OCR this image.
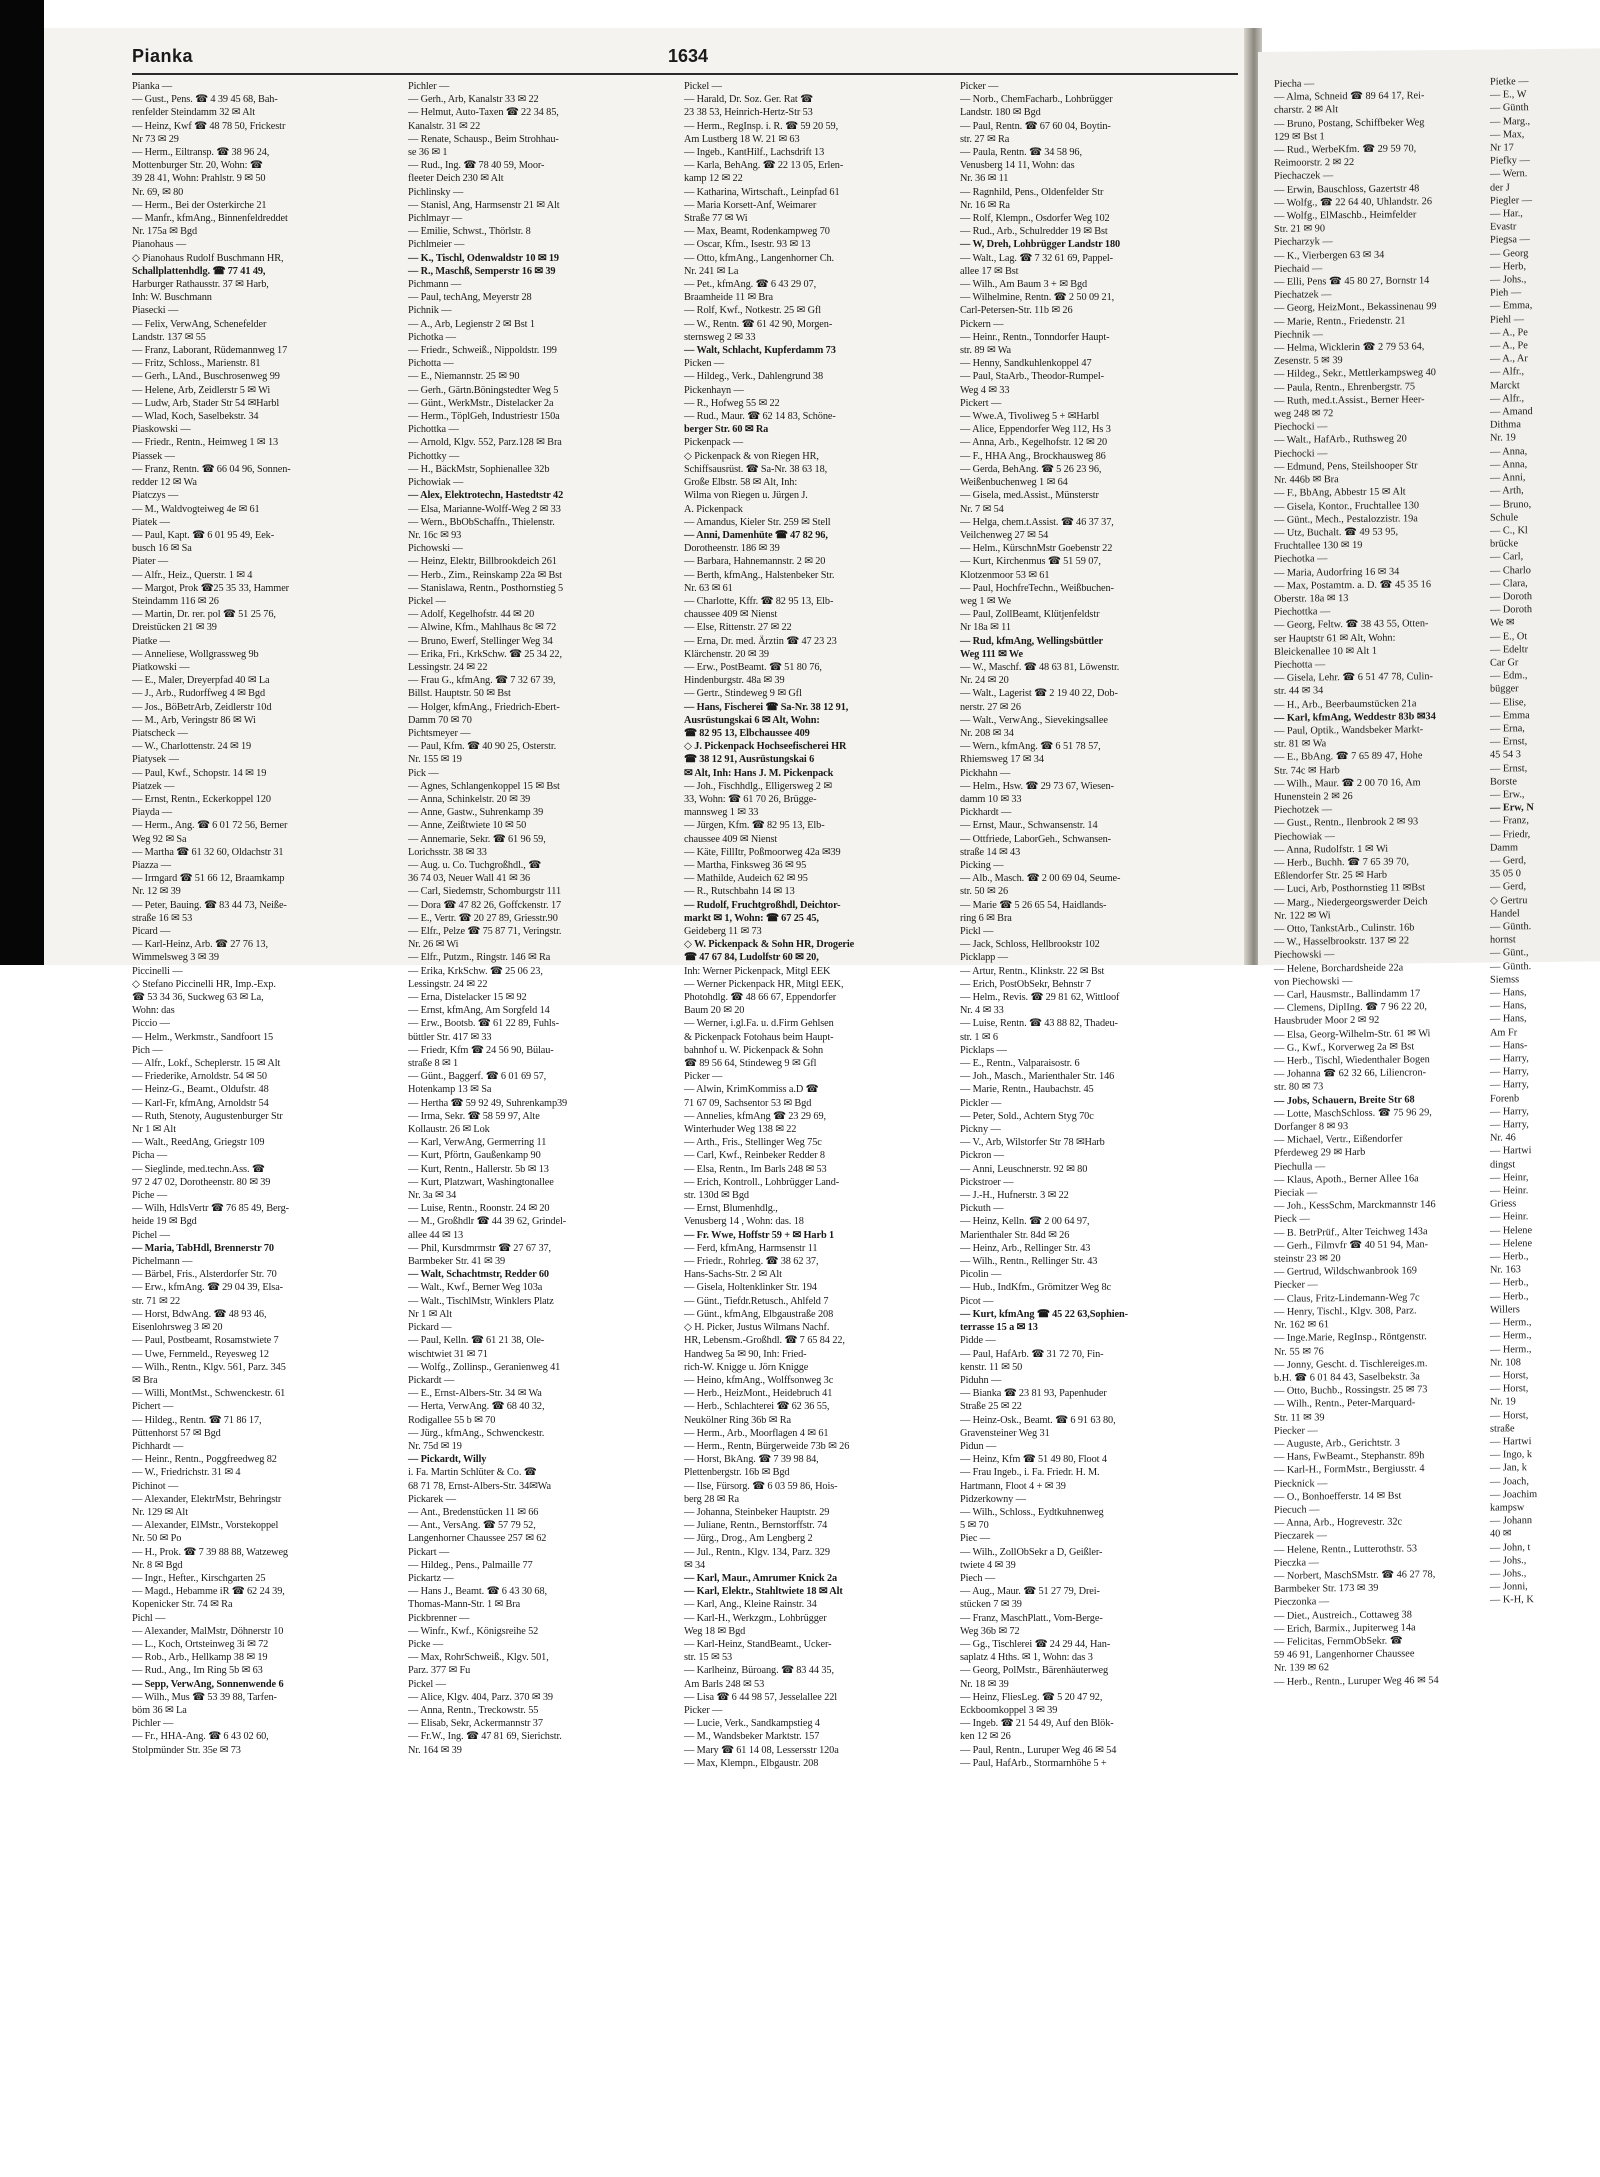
Pianka	1634
Pianka —
— Gust., Pens. ☎ 4 39 45 68, Bah-
renfelder Steindamm 32 ✉ Alt
— Heinz, Kwf ☎ 48 78 50, Frickestr
Nr 73 ✉ 29
— Herm., Eiltransp. ☎ 38 96 24,
Mottenburger Str. 20, Wohn: ☎
39 28 41, Wohn: Prahlstr. 9 ✉ 50
Nr. 69, ✉ 80
— Herm., Bei der Osterkirche 21
— Manfr., kfmAng., Binnenfeldreddet
Nr. 175a ✉ Bgd
Pianohaus —
◇ Pianohaus Rudolf Buschmann HR,
Schallplattenhdlg. ☎ 77 41 49,
Harburger Rathausstr. 37 ✉ Harb,
Inh: W. Buschmann
Piasecki —
— Felix, VerwAng, Schenefelder
Landstr. 137 ✉ 55
— Franz, Laborant, Rüdemannweg 17
— Fritz, Schloss., Marienstr. 81
— Gerh., LAnd., Buschrosenweg 99
— Helene, Arb, Zeidlerstr 5 ✉ Wi
— Ludw, Arb, Stader Str 54 ✉Harbl
— Wlad, Koch, Saselbekstr. 34
Piaskowski —
— Friedr., Rentn., Heimweg 1 ✉ 13
Piassek —
— Franz, Rentn. ☎ 66 04 96, Sonnen-
redder 12 ✉ Wa
Piatczys —
— M., Waldvogteiweg 4e ✉ 61
Piatek —
— Paul, Kapt. ☎ 6 01 95 49, Eek-
busch 16 ✉ Sa
Piater —
— Alfr., Heiz., Querstr. 1 ✉ 4
— Margot, Prok ☎25 35 33, Hammer
Steindamm 116 ✉ 26
— Martin, Dr. rer. pol ☎ 51 25 76,
Dreistücken 21 ✉ 39
Piatke —
— Anneliese, Wollgrassweg 9b
Piatkowski —
— E., Maler, Dreyerpfad 40 ✉ La
— J., Arb., Rudorffweg 4 ✉ Bgd
— Jos., BöBetrArb, Zeidlerstr 10d
— M., Arb, Veringstr 86 ✉ Wi
Piatscheck —
— W., Charlottenstr. 24 ✉ 19
Piatysek —
— Paul, Kwf., Schopstr. 14 ✉ 19
Piatzek —
— Ernst, Rentn., Eckerkoppel 120
Piayda —
— Herm., Ang. ☎ 6 01 72 56, Berner
Weg 92 ✉ Sa
— Martha ☎ 61 32 60, Oldachstr 31
Piazza —
— Irmgard ☎ 51 66 12, Braamkamp
Nr. 12 ✉ 39
— Peter, Bauing. ☎ 83 44 73, Neiße-
straße 16 ✉ 53
Picard —
— Karl-Heinz, Arb. ☎ 27 76 13,
Wimmelsweg 3 ✉ 39
Piccinelli —
◇ Stefano Piccinelli HR, Imp.-Exp.
☎ 53 34 36, Suckweg 63 ✉ La,
Wohn: das
Piccio —
— Helm., Werkmstr., Sandfoort 15
Pich —
— Alfr., Lokf., Scheplerstr. 15 ✉ Alt
— Friederike, Arnoldstr. 54 ✉ 50
— Heinz-G., Beamt., Oldufstr. 48
— Karl-Fr, kfmAng, Arnoldstr 54
— Ruth, Stenoty, Augustenburger Str
Nr 1 ✉ Alt
— Walt., ReedAng, Griegstr 109
Picha —
— Sieglinde, med.techn.Ass. ☎
97 2 47 02, Dorotheenstr. 80 ✉ 39
Piche —
— Wilh, HdlsVertr ☎ 76 85 49, Berg-
heide 19 ✉ Bgd
Pichel —
— Maria, TabHdl, Brennerstr 70
Pichelmann —
— Bärbel, Fris., Alsterdorfer Str. 70
— Erw., kfmAng. ☎ 29 04 39, Elsa-
str. 71 ✉ 22
— Horst, BdwAng. ☎ 48 93 46,
Eisenlohrsweg 3 ✉ 20
— Paul, Postbeamt, Rosamstwiete 7
— Uwe, Fernmeld., Reyesweg 12
— Wilh., Rentn., Klgv. 561, Parz. 345
✉ Bra
— Willi, MontMst., Schwenckestr. 61
Pichert —
— Hildeg., Rentn. ☎ 71 86 17,
Püttenhorst 57 ✉ Bgd
Pichhardt —
— Heinr., Rentn., Poggfreedweg 82
— W., Friedrichstr. 31 ✉ 4
Pichinot —
— Alexander, ElektrMstr, Behringstr
Nr. 129 ✉ Alt
— Alexander, ElMstr., Vorstekoppel
Nr. 50 ✉ Po
— H., Prok. ☎ 7 39 88 88, Watzeweg
Nr. 8 ✉ Bgd
— Ingr., Hefter., Kirschgarten 25
— Magd., Hebamme iR ☎ 62 24 39,
Kopenicker Str. 74 ✉ Ra
Pichl —
— Alexander, MalMstr, Döhnerstr 10
— L., Koch, Ortsteinweg 3i ✉ 72
— Rob., Arb., Hellkamp 38 ✉ 19
— Rud., Ang., Im Ring 5b ✉ 63
— Sepp, VerwAng, Sonnenwende 6
— Wilh., Mus ☎ 53 39 88, Tarfen-
böm 36 ✉ La
Pichler —
— Fr., HHA-Ang. ☎ 6 43 02 60,
Stolpmünder Str. 35e ✉ 73
Pichler —
— Gerh., Arb, Kanalstr 33 ✉ 22
— Helmut, Auto-Taxen ☎ 22 34 85,
Kanalstr. 31 ✉ 22
— Renate, Schausp., Beim Strohhau-
se 36 ✉ 1
— Rud., Ing. ☎ 78 40 59, Moor-
fleeter Deich 230 ✉ Alt
Pichlinsky —
— Stanisl, Ang, Harmsenstr 21 ✉ Alt
Pichlmayr —
— Emilie, Schwst., Thörlstr. 8
Pichlmeier —
— K., Tischl, Odenwaldstr 10 ✉ 19
— R., Maschß, Semperstr 16 ✉ 39
Pichmann —
— Paul, techAng, Meyerstr 28
Pichnik —
— A., Arb, Legienstr 2 ✉ Bst 1
Pichotka —
— Friedr., Schweiß., Nippoldstr. 199
Pichotta —
— E., Niemannstr. 25 ✉ 90
— Gerh., Gärtn.Böningstedter Weg 5
— Günt., WerkMstr., Distelacker 2a
— Herm., TöplGeh, Industriestr 150a
Pichottka —
— Arnold, Klgv. 552, Parz.128 ✉ Bra
Pichottky —
— H., BäckMstr, Sophienallee 32b
Pichowiak —
— Alex, Elektrotechn, Hastedtstr 42
— Elsa, Marianne-Wolff-Weg 2 ✉ 33
— Wern., BbObSchaffn., Thielenstr.
Nr. 16c ✉ 93
Pichowski —
— Heinz, Elektr, Billbrookdeich 261
— Herb., Zim., Reinskamp 22a ✉ Bst
— Stanislawa, Rentn., Posthornstieg 5
Pickel —
— Adolf, Kegelhofstr. 44 ✉ 20
— Alwine, Kfm., Mahlhaus 8c ✉ 72
— Bruno, Ewerf, Stellinger Weg 34
— Erika, Fri., KrkSchw. ☎ 25 34 22,
Lessingstr. 24 ✉ 22
— Frau G., kfmAng. ☎ 7 32 67 39,
Billst. Hauptstr. 50 ✉ Bst
— Holger, kfmAng., Friedrich-Ebert-
Damm 70 ✉ 70
Pichtsmeyer —
— Paul, Kfm. ☎ 40 90 25, Osterstr.
Nr. 155 ✉ 19
Pick —
— Agnes, Schlangenkoppel 15 ✉ Bst
— Anna, Schinkelstr. 20 ✉ 39
— Anne, Gastw., Suhrenkamp 39
— Anne, Zeißtwiete 10 ✉ 50
— Annemarie, Sekr. ☎ 61 96 59,
Lorichsstr. 38 ✉ 33
— Aug. u. Co. Tuchgroßhdl., ☎
36 74 03, Neuer Wall 41 ✉ 36
— Carl, Siedemstr, Schomburgstr 111
— Dora ☎ 47 82 26, Goffckenstr. 17
— E., Vertr. ☎ 20 27 89, Griesstr.90
— Elfr., Pelze ☎ 75 87 71, Veringstr.
Nr. 26 ✉ Wi
— Elfr., Putzm., Ringstr. 146 ✉ Ra
— Erika, KrkSchw. ☎ 25 06 23,
Lessingstr. 24 ✉ 22
— Erna, Distelacker 15 ✉ 92
— Ernst, kfmAng, Am Sorgfeld 14
— Erw., Bootsb. ☎ 61 22 89, Fuhls-
büttler Str. 417 ✉ 33
— Friedr, Kfm ☎ 24 56 90, Bülau-
straße 8 ✉ 1
— Günt., Baggerf. ☎ 6 01 69 57,
Hotenkamp 13 ✉ Sa
— Hertha ☎ 59 92 49, Suhrenkamp39
— Irma, Sekr. ☎ 58 59 97, Alte
Kollaustr. 26 ✉ Lok
— Karl, VerwAng, Germerring 11
— Kurt, Pförtn, Gaußenkamp 90
— Kurt, Rentn., Hallerstr. 5b ✉ 13
— Kurt, Platzwart, Washingtonallee
Nr. 3a ✉ 34
— Luise, Rentn., Roonstr. 24 ✉ 20
— M., Großhdlr ☎ 44 39 62, Grindel-
allee 44 ✉ 13
— Phil, Kursdmrmstr ☎ 27 67 37,
Barmbeker Str. 41 ✉ 39
— Walt, Schachtmstr, Redder 60
— Walt., Kwf., Berner Weg 103a
— Walt., TischlMstr, Winklers Platz
Nr 1 ✉ Alt
Pickard —
— Paul, Kelln. ☎ 61 21 38, Ole-
wischtwiet 31 ✉ 71
— Wolfg., Zollinsp., Geranienweg 41
Pickardt —
— E., Ernst-Albers-Str. 34 ✉ Wa
— Herta, VerwAng. ☎ 68 40 32,
Rodigallee 55 b ✉ 70
— Jürg., kfmAng., Schwenckestr.
Nr. 75d ✉ 19
— Pickardt, Willy
i. Fa. Martin Schlüter & Co. ☎
68 71 78, Ernst-Albers-Str. 34✉Wa
Pickarek —
— Ant., Bredenstücken 11 ✉ 66
— Ant., VersAng. ☎ 57 79 52,
Langenhorner Chaussee 257 ✉ 62
Pickart —
— Hildeg., Pens., Palmaille 77
Pickartz —
— Hans J., Beamt. ☎ 6 43 30 68,
Thomas-Mann-Str. 1 ✉ Bra
Pickbrenner —
— Winfr., Kwf., Königsreihe 52
Picke —
— Max, RohrSchweiß., Klgv. 501,
Parz. 377 ✉ Fu
Pickel —
— Alice, Klgv. 404, Parz. 370 ✉ 39
— Anna, Rentn., Treckowstr. 55
— Elisab, Sekr, Ackermannstr 37
— Fr.W., Ing. ☎ 47 81 69, Sierichstr.
Nr. 164 ✉ 39
Pickel —
— Harald, Dr. Soz. Ger. Rat ☎
23 38 53, Heinrich-Hertz-Str 53
— Herm., RegInsp. i. R. ☎ 59 20 59,
Am Lustberg 18 W. 21 ✉ 63
— Ingeb., KantHilf., Lachsdrift 13
— Karla, BehAng. ☎ 22 13 05, Erlen-
kamp 12 ✉ 22
— Katharina, Wirtschaft., Leinpfad 61
— Maria Korsett-Anf, Weimarer
Straße 77 ✉ Wi
— Max, Beamt, Rodenkampweg 70
— Oscar, Kfm., Isestr. 93 ✉ 13
— Otto, kfmAng., Langenhorner Ch.
Nr. 241 ✉ La
— Pet., kfmAng. ☎ 6 43 29 07,
Braamheide 11 ✉ Bra
— Rolf, Kwf., Notkestr. 25 ✉ Gfl
— W., Rentn. ☎ 61 42 90, Morgen-
sternsweg 2 ✉ 33
— Walt, Schlacht, Kupferdamm 73
Picken —
— Hildeg., Verk., Dahlengrund 38
Pickenhayn —
— R., Hofweg 55 ✉ 22
— Rud., Maur. ☎ 62 14 83, Schöne-
berger Str. 60 ✉ Ra
Pickenpack —
◇ Pickenpack & von Riegen HR,
Schiffsausrüst. ☎ Sa-Nr. 38 63 18,
Große Elbstr. 58 ✉ Alt, Inh:
Wilma von Riegen u. Jürgen J.
A. Pickenpack
— Amandus, Kieler Str. 259 ✉ Stell
— Anni, Damenhüte ☎ 47 82 96,
Dorotheenstr. 186 ✉ 39
— Barbara, Hahnemannstr. 2 ✉ 20
— Berth, kfmAng., Halstenbeker Str.
Nr. 63 ✉ 61
— Charlotte, Kffr. ☎ 82 95 13, Elb-
chaussee 409 ✉ Nienst
— Else, Rittenstr. 27 ✉ 22
— Erna, Dr. med. Ärztin ☎ 47 23 23
Klärchenstr. 20 ✉ 39
— Erw., PostBeamt. ☎ 51 80 76,
Hindenburgstr. 48a ✉ 39
— Gertr., Stindeweg 9 ✉ Gfl
— Hans, Fischerei ☎ Sa-Nr. 38 12 91,
Ausrüstungskai 6 ✉ Alt, Wohn:
☎ 82 95 13, Elbchaussee 409
◇ J. Pickenpack Hochseefischerei HR
☎ 38 12 91, Ausrüstungskai 6
✉ Alt, Inh: Hans J. M. Pickenpack
— Joh., Fischhdlg., Elligersweg 2 ✉
33, Wohn: ☎ 61 70 26, Brügge-
mannsweg 1 ✉ 33
— Jürgen, Kfm. ☎ 82 95 13, Elb-
chaussee 409 ✉ Nienst
— Käte, FillItr, Poßmoorweg 42a ✉39
— Martha, Finksweg 36 ✉ 95
— Mathilde, Audeich 62 ✉ 95
— R., Rutschbahn 14 ✉ 13
— Rudolf, Fruchtgroßhdl, Deichtor-
markt ✉ 1, Wohn: ☎ 67 25 45,
Geideberg 11 ✉ 73
◇ W. Pickenpack & Sohn HR, Drogerie
☎ 47 67 84, Ludolfstr 60 ✉ 20,
Inh: Werner Pickenpack, Mitgl EEK
— Werner Pickenpack HR, Mitgl EEK,
Photohdlg. ☎ 48 66 67, Eppendorfer
Baum 20 ✉ 20
— Werner, i.gl.Fa. u. d.Firm Gehlsen
& Pickenpack Fotohaus beim Haupt-
bahnhof u. W. Pickenpack & Sohn
☎ 89 56 64, Stindeweg 9 ✉ Gfl
Picker —
— Alwin, KrimKommiss a.D ☎
71 67 09, Sachsentor 53 ✉ Bgd
— Annelies, kfmAng ☎ 23 29 69,
Winterhuder Weg 138 ✉ 22
— Arth., Fris., Stellinger Weg 75c
— Carl, Kwf., Reinbeker Redder 8
— Elsa, Rentn., Im Barls 248 ✉ 53
— Erich, Kontroll., Lohbrügger Land-
str. 130d ✉ Bgd
— Ernst, Blumenhdlg.,
Venusberg 14 , Wohn: das. 18
— Fr. Wwe, Hoffstr 59 + ✉ Harb 1
— Ferd, kfmAng, Harmsenstr 11
— Friedr., Rohrleg. ☎ 38 62 37,
Hans-Sachs-Str. 2 ✉ Alt
— Gisela, Holtenklinker Str. 194
— Günt., Tiefdr.Retusch., Ahlfeld 7
— Günt., kfmAng, Elbgaustraße 208
◇ H. Picker, Justus Wilmans Nachf.
HR, Lebensm.-Großhdl. ☎ 7 65 84 22,
Handweg 5a ✉ 90, Inh: Fried-
rich-W. Knigge u. Jörn Knigge
— Heino, kfmAng., Wolffsonweg 3c
— Herb., HeizMont., Heidebruch 41
— Herb., Schlachterei ☎ 62 36 55,
Neukölner Ring 36b ✉ Ra
— Herm., Arb., Moorflagen 4 ✉ 61
— Herm., Rentn, Bürgerweide 73b ✉ 26
— Horst, BkAng. ☎ 7 39 98 84,
Plettenbergstr. 16b ✉ Bgd
— Ilse, Fürsorg. ☎ 6 03 59 86, Hois-
berg 28 ✉ Ra
— Johanna, Steinbeker Hauptstr. 29
— Juliane, Rentn., Bernstorffstr. 74
— Jürg., Drog., Am Lengberg 2
— Jul., Rentn., Klgv. 134, Parz. 329
✉ 34
— Karl, Maur., Amrumer Knick 2a
— Karl, Elektr., Stahltwiete 18 ✉ Alt
— Karl, Ang., Kleine Rainstr. 34
— Karl-H., Werkzgm., Lohbrügger
Weg 18 ✉ Bgd
— Karl-Heinz, StandBeamt., Ucker-
str. 15 ✉ 53
— Karlheinz, Büroang. ☎ 83 44 35,
Am Barls 248 ✉ 53
— Lisa ☎ 6 44 98 57, Jesselallee 22l
Picker —
— Lucie, Verk., Sandkampstieg 4
— M., Wandsbeker Marktstr. 157
— Mary ☎ 61 14 08, Lessersstr 120a
— Max, Klempn., Elbgaustr. 208
Picker —
— Norb., ChemFacharb., Lohbrügger
Landstr. 180 ✉ Bgd
— Paul, Rentn. ☎ 67 60 04, Boytin-
str. 27 ✉ Ra
— Paula, Rentn. ☎ 34 58 96,
Venusberg 14 11, Wohn: das
Nr. 36 ✉ 11
— Ragnhild, Pens., Oldenfelder Str
Nr. 16 ✉ Ra
— Rolf, Klempn., Osdorfer Weg 102
— Rud., Arb., Schulredder 19 ✉ Bst
— W, Dreh, Lohbrügger Landstr 180
— Walt., Lag. ☎ 7 32 61 69, Pappel-
allee 17 ✉ Bst
— Wilh., Am Baum 3 + ✉ Bgd
— Wilhelmine, Rentn. ☎ 2 50 09 21,
Carl-Petersen-Str. 11b ✉ 26
Pickern —
— Heinr., Rentn., Tonndorfer Haupt-
str. 89 ✉ Wa
— Henny, Sandkuhlenkoppel 47
— Paul, StaArb., Theodor-Rumpel-
Weg 4 ✉ 33
Pickert —
— Wwe.A, Tivoliweg 5 + ✉Harbl
— Alice, Eppendorfer Weg 112, Hs 3
— Anna, Arb., Kegelhofstr. 12 ✉ 20
— F., HHA Ang., Brockhausweg 86
— Gerda, BehAng. ☎ 5 26 23 96,
Weißenbuchenweg 1 ✉ 64
— Gisela, med.Assist., Münsterstr
Nr. 7 ✉ 54
— Helga, chem.t.Assist. ☎ 46 37 37,
Veilchenweg 27 ✉ 54
— Helm., KürschnMstr Goebenstr 22
— Kurt, Kirchenmus ☎ 51 59 07,
Klotzenmoor 53 ✉ 61
— Paul, HochfreTechn., Weißbuchen-
weg 1 ✉ We
— Paul, ZollBeamt, Klütjenfeldstr
Nr 18a ✉ 11
— Rud, kfmAng, Wellingsbüttler
Weg 111 ✉ We
— W., Maschf. ☎ 48 63 81, Löwenstr.
Nr. 24 ✉ 20
— Walt., Lagerist ☎ 2 19 40 22, Dob-
nerstr. 27 ✉ 26
— Walt., VerwAng., Sievekingsallee
Nr. 208 ✉ 34
— Wern., kfmAng. ☎ 6 51 78 57,
Rhiemsweg 17 ✉ 34
Pickhahn —
— Helm., Hsw. ☎ 29 73 67, Wiesen-
damm 10 ✉ 33
Pickhardt —
— Ernst, Maur., Schwansenstr. 14
— Ottfriede, LaborGeh., Schwansen-
straße 14 ✉ 43
Picking —
— Alb., Masch. ☎ 2 00 69 04, Seume-
str. 50 ✉ 26
— Marie ☎ 5 26 65 54, Haidlands-
ring 6 ✉ Bra
Pickl —
— Jack, Schloss, Hellbrookstr 102
Picklapp —
— Artur, Rentn., Klinkstr. 22 ✉ Bst
— Erich, PostObSekr, Behnstr 7
— Helm., Revis. ☎ 29 81 62, Wittloof
Nr. 4 ✉ 33
— Luise, Rentn. ☎ 43 88 82, Thadeu-
str. 1 ✉ 6
Picklaps —
— E., Rentn., Valparaisostr. 6
— Joh., Masch., Marienthaler Str. 146
— Marie, Rentn., Haubachstr. 45
Pickler —
— Peter, Sold., Achtern Styg 70c
Pickny —
— V., Arb, Wilstorfer Str 78 ✉Harb
Pickron —
— Anni, Leuschnerstr. 92 ✉ 80
Pickstroer —
— J.-H., Hufnerstr. 3 ✉ 22
Pickuth —
— Heinz, Kelln. ☎ 2 00 64 97,
Marienthaler Str. 84d ✉ 26
— Heinz, Arb., Rellinger Str. 43
— Wilh., Rentn., Rellinger Str. 43
Picolin —
— Hub., IndKfm., Grömitzer Weg 8c
Picot —
— Kurt, kfmAng ☎ 45 22 63,Sophien-
terrasse 15 a ✉ 13
Pidde —
— Paul, HafArb. ☎ 31 72 70, Fin-
kenstr. 11 ✉ 50
Piduhn —
— Bianka ☎ 23 81 93, Papenhuder
Straße 25 ✉ 22
— Heinz-Osk., Beamt. ☎ 6 91 63 80,
Gravensteiner Weg 31
Pidun —
— Heinz, Kfm ☎ 51 49 80, Floot 4
— Frau Ingeb., i. Fa. Friedr. H. M.
Hartmann, Floot 4 + ✉ 39
Pidzerkowny —
— Wilh., Schloss., Eydtkuhnenweg
5 ✉ 70
Piec —
— Wilh., ZollObSekr a D, Geißler-
twiete 4 ✉ 39
Piech —
— Aug., Maur. ☎ 51 27 79, Drei-
stücken 7 ✉ 39
— Franz, MaschPlatt., Vom-Berge-
Weg 36b ✉ 72
— Gg., Tischlerei ☎ 24 29 44, Han-
saplatz 4 Hths. ✉ 1, Wohn: das 3
— Georg, PolMstr., Bärenhäuterweg
Nr. 18 ✉ 39
— Heinz, FliesLeg. ☎ 5 20 47 92,
Eckboomkoppel 3 ✉ 39
— Ingeb. ☎ 21 54 49, Auf den Blök-
ken 12 ✉ 26
— Paul, Rentn., Luruper Weg 46 ✉ 54
— Paul, HafArb., Stormarnhöhe 5 +
Piecha —
— Alma, Schneid ☎ 89 64 17, Rei-
charstr. 2 ✉ Alt
— Bruno, Postang, Schiffbeker Weg
129 ✉ Bst 1
— Rud., WerbeKfm. ☎ 29 59 70,
Reimoorstr. 2 ✉ 22
Piechaczek —
— Erwin, Bauschloss, Gazertstr 48
— Wolfg., ☎ 22 64 40, Uhlandstr. 26
— Wolfg., ElMaschb., Heimfelder
Str. 21 ✉ 90
Piecharzyk —
— K., Vierbergen 63 ✉ 34
Piechaid —
— Elli, Pens ☎ 45 80 27, Bornstr 14
Piechatzek —
— Georg, HeizMont., Bekassinenau 99
— Marie, Rentn., Friedenstr. 21
Piechnik —
— Helma, Wicklerin ☎ 2 79 53 64,
Zesenstr. 5 ✉ 39
— Hildeg., Sekr., Mettlerkampsweg 40
— Paula, Rentn., Ehrenbergstr. 75
— Ruth, med.t.Assist., Berner Heer-
weg 248 ✉ 72
Piechocki —
— Walt., HafArb., Ruthsweg 20
Piechocki —
— Edmund, Pens, Steilshooper Str
Nr. 446b ✉ Bra
— F., BbAng, Abbestr 15 ✉ Alt
— Gisela, Kontor., Fruchtallee 130
— Günt., Mech., Pestalozzistr. 19a
— Utz, Buchalt. ☎ 49 53 95,
Fruchtallee 130 ✉ 19
Piechotka —
— Maria, Audorfring 16 ✉ 34
— Max, Postamtm. a. D. ☎ 45 35 16
Oberstr. 18a ✉ 13
Piechottka —
— Georg, Feltw. ☎ 38 43 55, Otten-
ser Hauptstr 61 ✉ Alt, Wohn:
Bleickenallee 10 ✉ Alt 1
Piechotta —
— Gisela, Lehr. ☎ 6 51 47 78, Culin-
str. 44 ✉ 34
— H., Arb., Beerbaumstücken 21a
— Karl, kfmAng, Weddestr 83b ✉34
— Paul, Optik., Wandsbeker Markt-
str. 81 ✉ Wa
— E., BbAng. ☎ 7 65 89 47, Hohe
Str. 74c ✉ Harb
— Wilh., Maur. ☎ 2 00 70 16, Am
Hunenstein 2 ✉ 26
Piechotzek —
— Gust., Rentn., Ilenbrook 2 ✉ 93
Piechowiak —
— Anna, Rudolfstr. 1 ✉ Wi
— Herb., Buchh. ☎ 7 65 39 70,
Eßlendorfer Str. 25 ✉ Harb
— Luci, Arb, Posthornstieg 11 ✉Bst
— Marg., Niedergeorgswerder Deich
Nr. 122 ✉ Wi
— Otto, TankstArb., Culinstr. 16b
— W., Hasselbrookstr. 137 ✉ 22
Piechowski —
— Helene, Borchardsheide 22a
von Piechowski —
— Carl, Hausmstr., Ballindamm 17
— Clemens, DiplIng. ☎ 7 96 22 20,
Hausbruder Moor 2 ✉ 92
— Elsa, Georg-Wilhelm-Str. 61 ✉ Wi
— G., Kwf., Korverweg 2a ✉ Bst
— Herb., Tischl, Wiedenthaler Bogen
— Johanna ☎ 62 32 66, Liliencron-
str. 80 ✉ 73
— Jobs, Schauern, Breite Str 68
— Lotte, MaschSchloss. ☎ 75 96 29,
Dorfanger 8 ✉ 93
— Michael, Vertr., Eißendorfer
Pferdeweg 29 ✉ Harb
Piechulla —
— Klaus, Apoth., Berner Allee 16a
Pieciak —
— Joh., KessSchm, Marckmannstr 146
Pieck —
— B. BetrPrüf., Alter Teichweg 143a
— Gerh., Filmvfr ☎ 40 51 94, Man-
steinstr 23 ✉ 20
— Gertrud, Wildschwanbrook 169
Piecker —
— Claus, Fritz-Lindemann-Weg 7c
— Henry, Tischl., Klgv. 308, Parz.
Nr. 162 ✉ 61
— Inge.Marie, RegInsp., Röntgenstr.
Nr. 55 ✉ 76
— Jonny, Gescht. d. Tischlereiges.m.
b.H. ☎ 6 01 84 43, Saselbekstr. 3a
— Otto, Buchb., Rossingstr. 25 ✉ 73
— Wilh., Rentn., Peter-Marquard-
Str. 11 ✉ 39
Piecker —
— Auguste, Arb., Gerichtstr. 3
— Hans, FwBeamt., Stephanstr. 89h
— Karl-H., FormMstr., Bergiusstr. 4
Piecknick —
— O., Bonhoefferstr. 14 ✉ Bst
Piecuch —
— Anna, Arb., Hogrevestr. 32c
Pieczarek —
— Helene, Rentn., Lutterothstr. 53
Pieczka —
— Norbert, MaschSMstr. ☎ 46 27 78,
Barmbeker Str. 173 ✉ 39
Pieczonka —
— Diet., Austreich., Cottaweg 38
— Erich, Barmix., Jupiterweg 14a
— Felicitas, FernmObSekr. ☎
59 46 91, Langenhorner Chaussee
Nr. 139 ✉ 62
— Herb., Rentn., Luruper Weg 46 ✉ 54
Pietke —
— E., W
— Günth
— Marg.,
— Max,
Nr 17
Piefky —
— Wern.
der J
Piegler —
— Har.,
Evastr
Piegsa —
— Georg
— Herb,
— Johs.,
Pieh —
— Emma,
Piehl —
— A., Pe
— A., Pe
— A., Ar
— Alfr.,
Marckt
— Alfr.,
— Amand
Dithma
Nr. 19
— Anna,
— Anna,
— Anni,
— Arth,
— Bruno,
Schule
— C., Kl
brücke
— Carl,
— Charlo
— Clara,
— Doroth
— Doroth
We ✉
— E., Ot
— Edeltr
Car Gr
— Edm.,
bügger
— Elise,
— Emma
— Erna,
— Ernst,
45 54 3
— Ernst,
Borste
— Erw.,
— Erw, N
— Franz,
— Friedr,
Damm
— Gerd,
35 05 0
— Gerd,
◇ Gertru
Handel
— Günth.
hornst
— Günt.,
— Günth.
Siemss
— Hans,
— Hans,
— Hans,
Am Fr
— Hans-
— Harry,
— Harry,
— Harry,
Forenb
— Harry,
— Harry,
Nr. 46
— Hartwi
dingst
— Heinr,
— Heinr.
Griess
— Heinr.
— Helene
— Helene
— Herb.,
Nr. 163
— Herb.,
— Herb.,
Willers
— Herm.,
— Herm.,
— Herm.,
Nr. 108
— Horst,
— Horst,
Nr. 19
— Horst,
straße
— Hartwi
— Ingo, k
— Jan, k
— Joach,
— Joachim
kampsw
— Johann
40 ✉
— John, t
— Johs.,
— Johs.,
— Jonni,
— K-H, K
